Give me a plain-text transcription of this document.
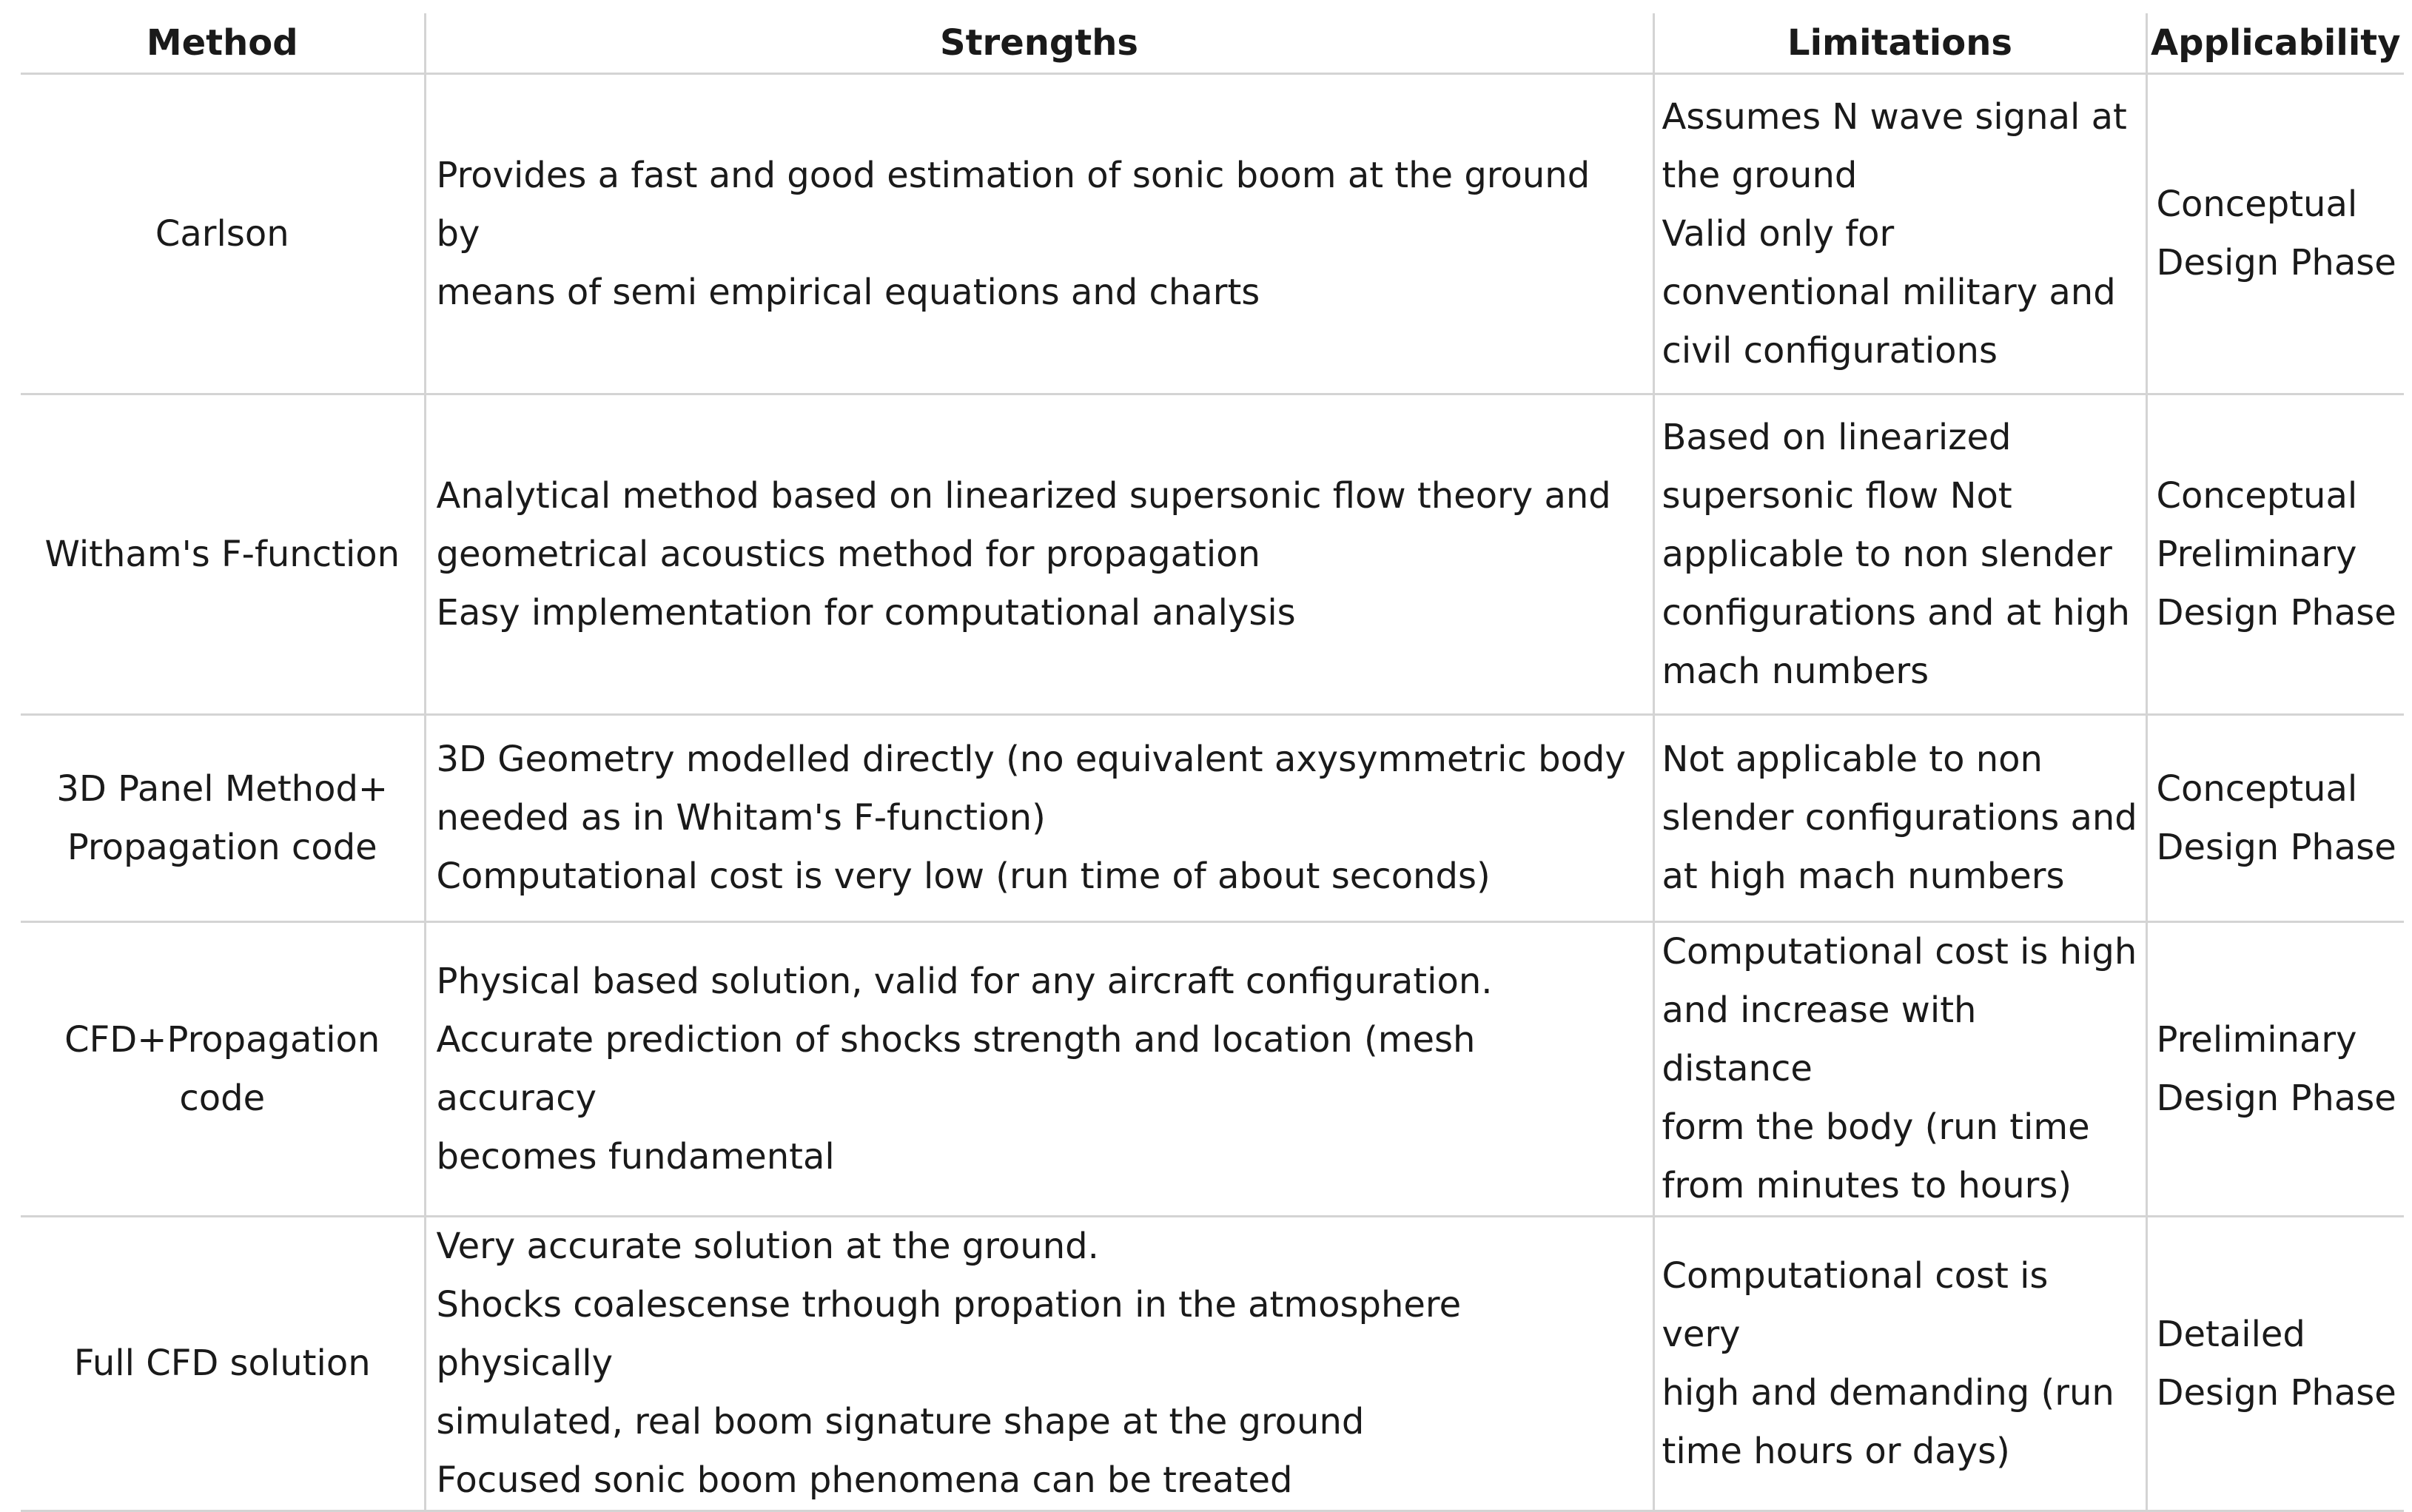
Method	Strengths	Limitations	Applicability

Carlson	Provides a fast and good estimation of sonic boom at the ground by
means of semi empirical equations and charts	Assumes N wave signal at
the ground
Valid only for
conventional military and
civil configurations	Conceptual
Design Phase

Witham's F-function	Analytical method based on linearized supersonic flow theory and
geometrical acoustics method for propagation
Easy implementation for computational analysis	Based on linearized
supersonic flow Not
applicable to non slender
configurations and at high
mach numbers	Conceptual
Preliminary
Design Phase

3D Panel Method+
Propagation code	3D Geometry modelled directly (no equivalent axysymmetric body
needed as in Whitam's F-function)
Computational cost is very low (run time of about seconds)	Not applicable to non
slender configurations and
at high mach numbers	Conceptual
Design Phase

CFD+Propagation
code	Physical based solution, valid for any aircraft configuration.
Accurate prediction of shocks strength and location (mesh accuracy
becomes fundamental	Computational cost is high
and increase with distance
form the body (run time
from minutes to hours)	Preliminary
Design Phase

Full CFD solution	Very accurate solution at the ground.
Shocks coalescense trhough propation in the atmosphere physically
simulated, real boom signature shape at the ground
Focused sonic boom phenomena can be treated	Computational cost is very
high and demanding (run
time hours or days)	Detailed
Design Phase
